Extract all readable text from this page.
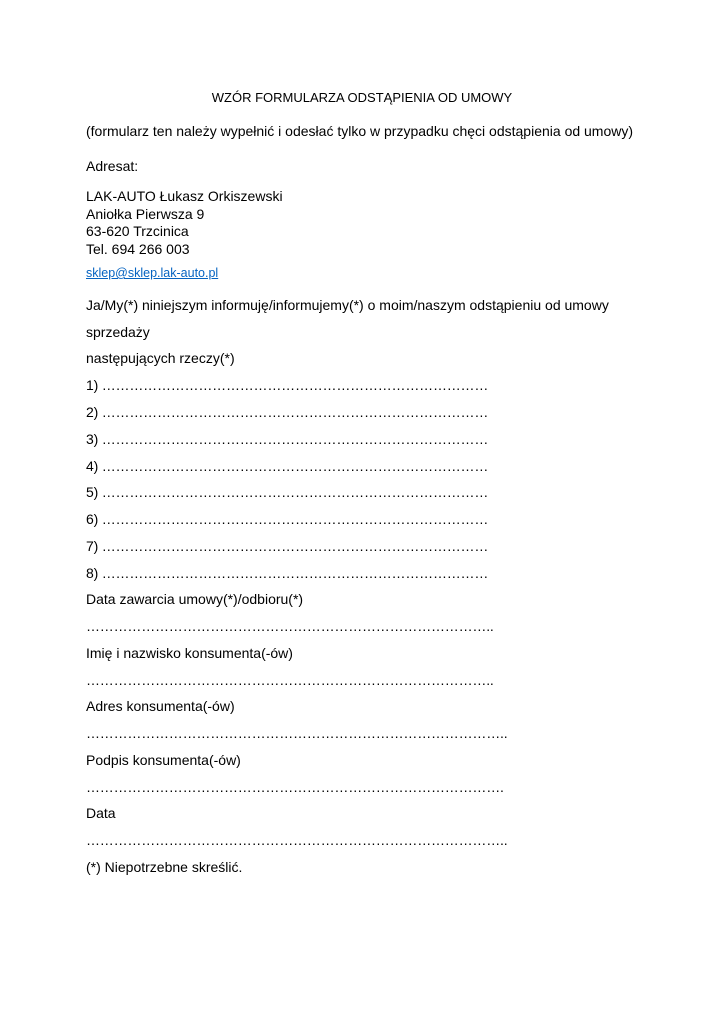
WZÓR FORMULARZA ODSTĄPIENIA OD UMOWY

(formularz ten należy wypełnić i odesłać tylko w przypadku chęci odstąpienia od umowy)

Adresat:

LAK-AUTO Łukasz Orkiszewski

Aniołka Pierwsza 9

63-620 Trzcinica

Tel. 694 266 003

sklep@sklep.lak-auto.pl

Ja/My(*) niniejszym informuję/informujemy(*) o moim/naszym odstąpieniu od umowy

sprzedaży

następujących rzeczy(*)

1) …………………………………………………………………………

2) …………………………………………………………………………

3) …………………………………………………………………………

4) …………………………………………………………………………

5) …………………………………………………………………………

6) …………………………………………………………………………

7) …………………………………………………………………………

8) …………………………………………………………………………

Data zawarcia umowy(*)/odbioru(*)

……………………………………………………………………………..

Imię i nazwisko konsumenta(-ów)

……………………………………………………………………………..

Adres konsumenta(-ów)

………………………………………………………………………………..

Podpis konsumenta(-ów)

……………………………………………………………………………….

Data

………………………………………………………………………………..

(*) Niepotrzebne skreślić.
